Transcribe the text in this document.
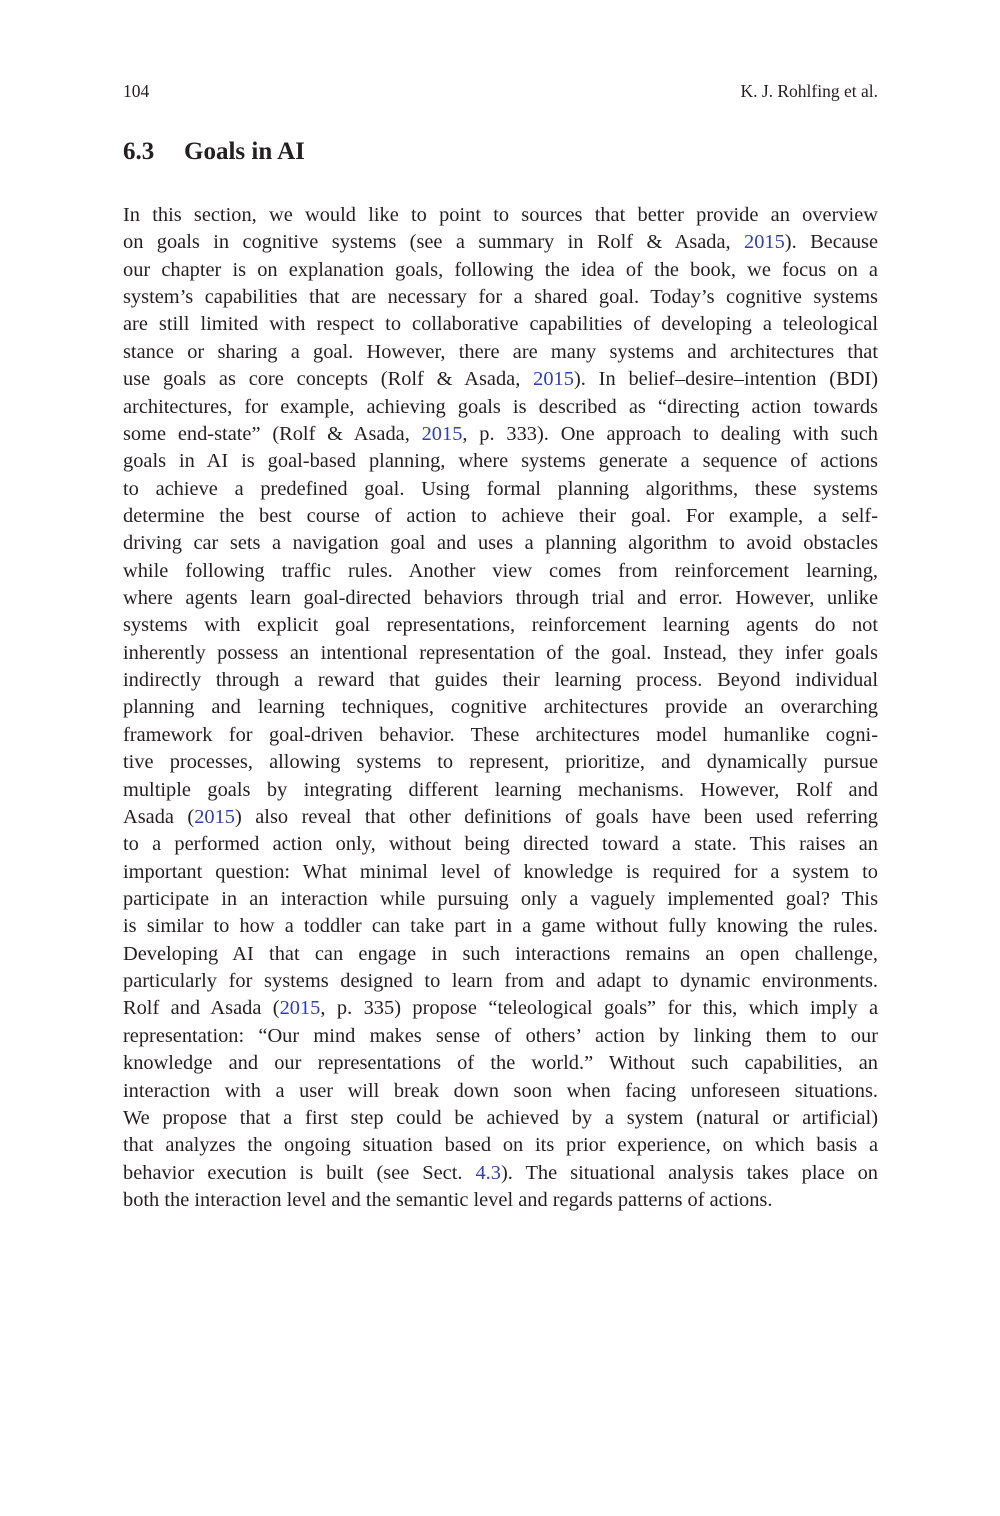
104	K. J. Rohlfing et al.
6.3 Goals in AI
In this section, we would like to point to sources that better provide an overview
on goals in cognitive systems (see a summary in Rolf & Asada, 2015). Because
our chapter is on explanation goals, following the idea of the book, we focus on a
system’s capabilities that are necessary for a shared goal. Today’s cognitive systems
are still limited with respect to collaborative capabilities of developing a teleological
stance or sharing a goal. However, there are many systems and architectures that
use goals as core concepts (Rolf & Asada, 2015). In belief–desire–intention (BDI)
architectures, for example, achieving goals is described as “directing action towards
some end-state” (Rolf & Asada, 2015, p. 333). One approach to dealing with such
goals in AI is goal-based planning, where systems generate a sequence of actions
to achieve a predefined goal. Using formal planning algorithms, these systems
determine the best course of action to achieve their goal. For example, a self-
driving car sets a navigation goal and uses a planning algorithm to avoid obstacles
while following traffic rules. Another view comes from reinforcement learning,
where agents learn goal-directed behaviors through trial and error. However, unlike
systems with explicit goal representations, reinforcement learning agents do not
inherently possess an intentional representation of the goal. Instead, they infer goals
indirectly through a reward that guides their learning process. Beyond individual
planning and learning techniques, cognitive architectures provide an overarching
framework for goal-driven behavior. These architectures model humanlike cogni-
tive processes, allowing systems to represent, prioritize, and dynamically pursue
multiple goals by integrating different learning mechanisms. However, Rolf and
Asada (2015) also reveal that other definitions of goals have been used referring
to a performed action only, without being directed toward a state. This raises an
important question: What minimal level of knowledge is required for a system to
participate in an interaction while pursuing only a vaguely implemented goal? This
is similar to how a toddler can take part in a game without fully knowing the rules.
Developing AI that can engage in such interactions remains an open challenge,
particularly for systems designed to learn from and adapt to dynamic environments.
Rolf and Asada (2015, p. 335) propose “teleological goals” for this, which imply a
representation: “Our mind makes sense of others’ action by linking them to our
knowledge and our representations of the world.” Without such capabilities, an
interaction with a user will break down soon when facing unforeseen situations.
We propose that a first step could be achieved by a system (natural or artificial)
that analyzes the ongoing situation based on its prior experience, on which basis a
behavior execution is built (see Sect. 4.3). The situational analysis takes place on
both the interaction level and the semantic level and regards patterns of actions.
